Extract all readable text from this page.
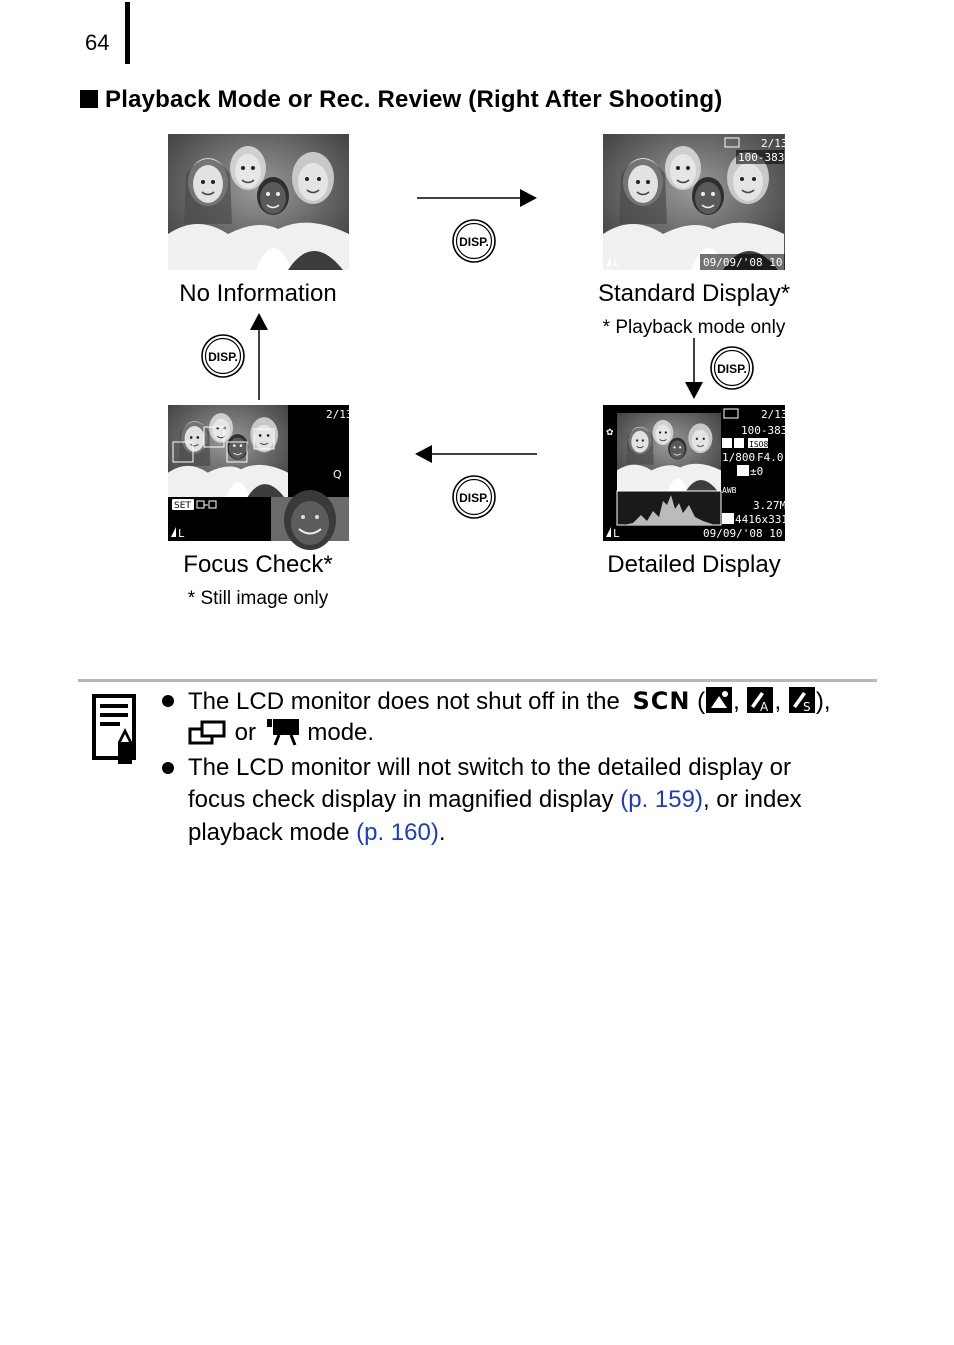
64
Playback Mode or Rec. Review (Right After Shooting)
No Information
2/13
100-3833
09/09/'08 10:00
L
Standard Display*
* Playback mode only
2/13
Q
SET
L
Focus Check*
* Still image only
✿
2/13
100-3833
ISO80
1/800 F4.0
±0
AWB
3.27MB
4416x3312
L	09/09/'08 10:00
Detailed Display
DISP.
DISP.
DISP.
DISP.
The LCD monitor does not shut off in the SCN ( , A , S ),
or mode.
The LCD monitor will not switch to the detailed display or
focus check display in magnified display (p. 159), or index
playback mode (p. 160).
